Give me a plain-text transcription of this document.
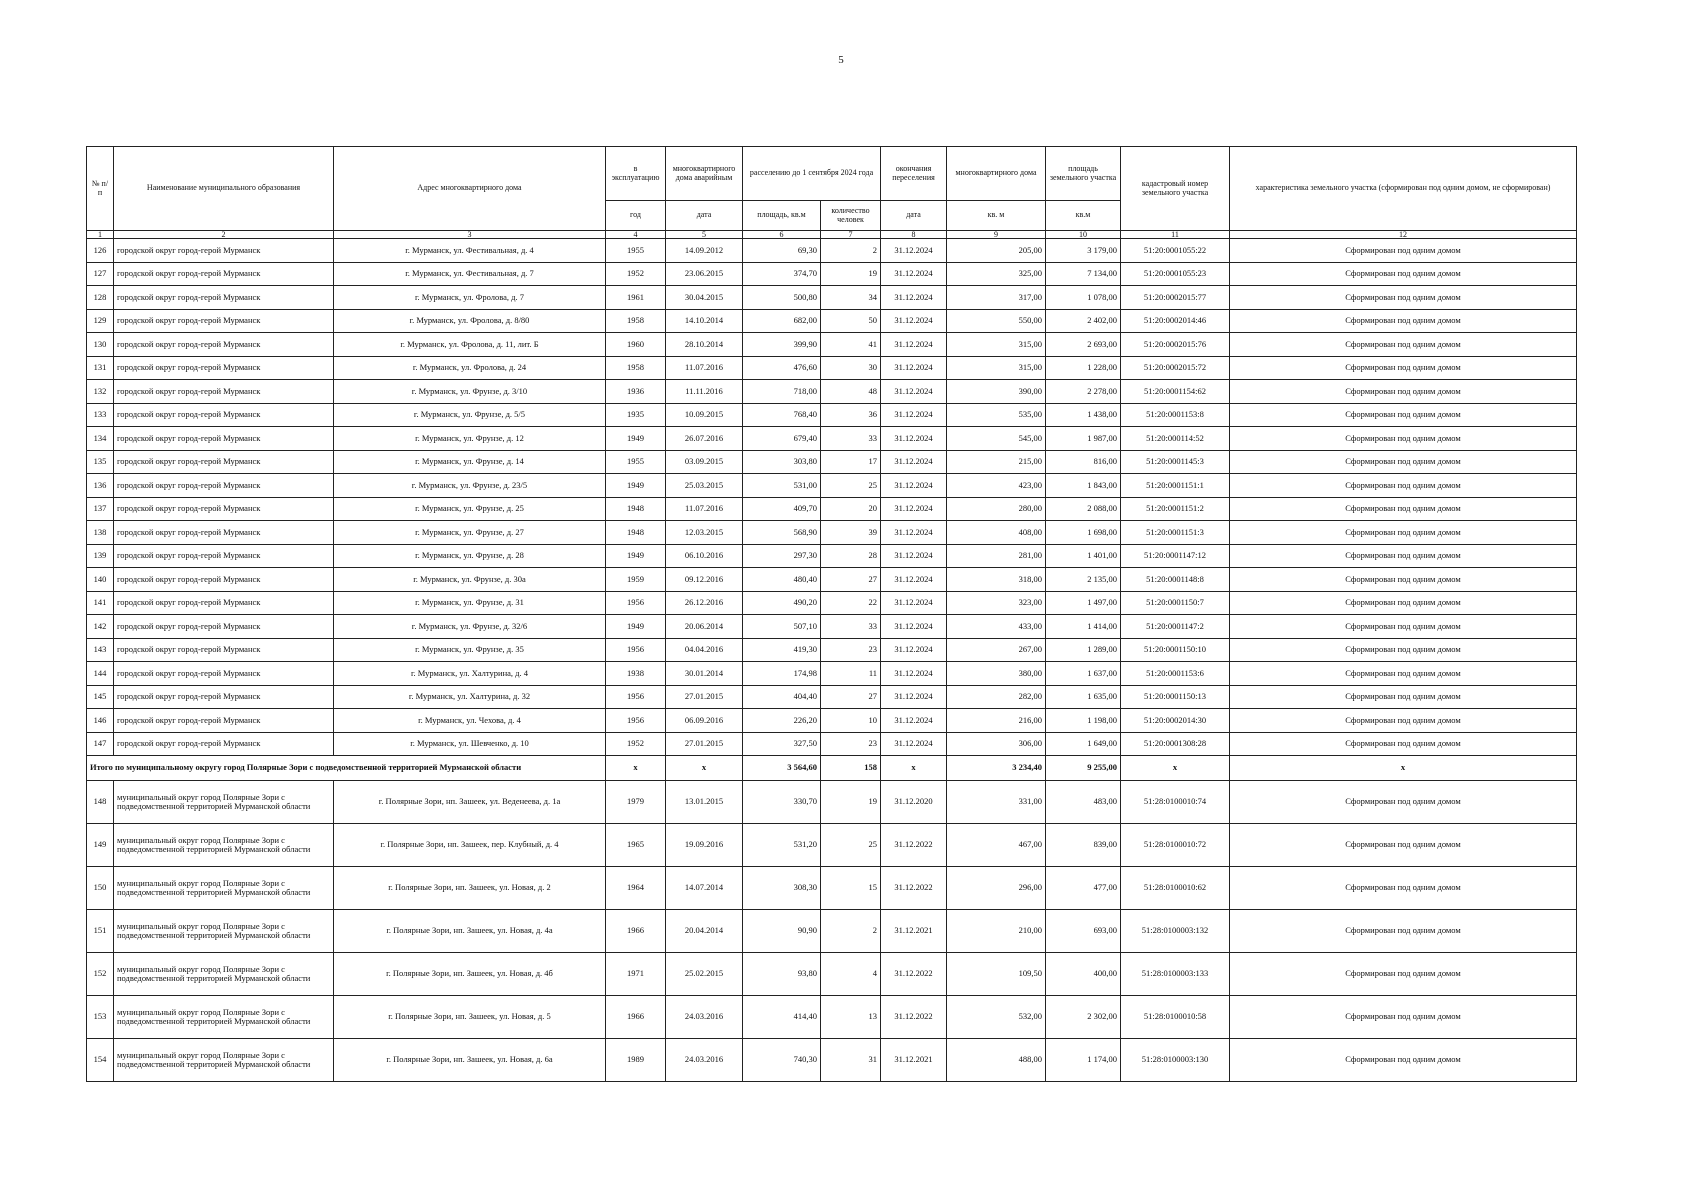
5
№ п/п	Наименование муниципального образования	Адрес многоквартирного дома	в эксплуатацию	многоквартирного дома аварийным	расселению до 1 сентября 2024 года		окончания переселения	многоквартирного дома	площадь земельного участка	кадастровый номер земельного участка	характеристика земельного участка (сформирован под одним домом, не сформирован)
			год	дата	площадь, кв.м	количество человек	дата	кв. м	кв.м		
1	2	3	4	5	6	7	8	9	10	11	12
126	городской округ город-герой Мурманск	г. Мурманск, ул. Фестивальная, д. 4	1955	14.09.2012	69,30	2	31.12.2024	205,00	3 179,00	51:20:0001055:22	Сформирован под одним домом
127	городской округ город-герой Мурманск	г. Мурманск, ул. Фестивальная, д. 7	1952	23.06.2015	374,70	19	31.12.2024	325,00	7 134,00	51:20:0001055:23	Сформирован под одним домом
128	городской округ город-герой Мурманск	г. Мурманск, ул. Фролова, д. 7	1961	30.04.2015	500,80	34	31.12.2024	317,00	1 078,00	51:20:0002015:77	Сформирован под одним домом
129	городской округ город-герой Мурманск	г. Мурманск, ул. Фролова, д. 8/80	1958	14.10.2014	682,00	50	31.12.2024	550,00	2 402,00	51:20:0002014:46	Сформирован под одним домом
130	городской округ город-герой Мурманск	г. Мурманск, ул. Фролова, д. 11, лит. Б	1960	28.10.2014	399,90	41	31.12.2024	315,00	2 693,00	51:20:0002015:76	Сформирован под одним домом
131	городской округ город-герой Мурманск	г. Мурманск, ул. Фролова, д. 24	1958	11.07.2016	476,60	30	31.12.2024	315,00	1 228,00	51:20:0002015:72	Сформирован под одним домом
132	городской округ город-герой Мурманск	г. Мурманск, ул. Фрунзе, д. 3/10	1936	11.11.2016	718,00	48	31.12.2024	390,00	2 278,00	51:20:0001154:62	Сформирован под одним домом
133	городской округ город-герой Мурманск	г. Мурманск, ул. Фрунзе, д. 5/5	1935	10.09.2015	768,40	36	31.12.2024	535,00	1 438,00	51:20:0001153:8	Сформирован под одним домом
134	городской округ город-герой Мурманск	г. Мурманск, ул. Фрунзе, д. 12	1949	26.07.2016	679,40	33	31.12.2024	545,00	1 987,00	51:20:000114:52	Сформирован под одним домом
135	городской округ город-герой Мурманск	г. Мурманск, ул. Фрунзе, д. 14	1955	03.09.2015	303,80	17	31.12.2024	215,00	816,00	51:20:0001145:3	Сформирован под одним домом
136	городской округ город-герой Мурманск	г. Мурманск, ул. Фрунзе, д. 23/5	1949	25.03.2015	531,00	25	31.12.2024	423,00	1 843,00	51:20:0001151:1	Сформирован под одним домом
137	городской округ город-герой Мурманск	г. Мурманск, ул. Фрунзе, д. 25	1948	11.07.2016	409,70	20	31.12.2024	280,00	2 088,00	51:20:0001151:2	Сформирован под одним домом
138	городской округ город-герой Мурманск	г. Мурманск, ул. Фрунзе, д. 27	1948	12.03.2015	568,90	39	31.12.2024	408,00	1 698,00	51:20:0001151:3	Сформирован под одним домом
139	городской округ город-герой Мурманск	г. Мурманск, ул. Фрунзе, д. 28	1949	06.10.2016	297,30	28	31.12.2024	281,00	1 401,00	51:20:0001147:12	Сформирован под одним домом
140	городской округ город-герой Мурманск	г. Мурманск, ул. Фрунзе, д. 30а	1959	09.12.2016	480,40	27	31.12.2024	318,00	2 135,00	51:20:0001148:8	Сформирован под одним домом
141	городской округ город-герой Мурманск	г. Мурманск, ул. Фрунзе, д. 31	1956	26.12.2016	490,20	22	31.12.2024	323,00	1 497,00	51:20:0001150:7	Сформирован под одним домом
142	городской округ город-герой Мурманск	г. Мурманск, ул. Фрунзе, д. 32/6	1949	20.06.2014	507,10	33	31.12.2024	433,00	1 414,00	51:20:0001147:2	Сформирован под одним домом
143	городской округ город-герой Мурманск	г. Мурманск, ул. Фрунзе, д. 35	1956	04.04.2016	419,30	23	31.12.2024	267,00	1 289,00	51:20:0001150:10	Сформирован под одним домом
144	городской округ город-герой Мурманск	г. Мурманск, ул. Халтурина, д. 4	1938	30.01.2014	174,98	11	31.12.2024	380,00	1 637,00	51:20:0001153:6	Сформирован под одним домом
145	городской округ город-герой Мурманск	г. Мурманск, ул. Халтурина, д. 32	1956	27.01.2015	404,40	27	31.12.2024	282,00	1 635,00	51:20:0001150:13	Сформирован под одним домом
146	городской округ город-герой Мурманск	г. Мурманск, ул. Чехова, д. 4	1956	06.09.2016	226,20	10	31.12.2024	216,00	1 198,00	51:20:0002014:30	Сформирован под одним домом
147	городской округ город-герой Мурманск	г. Мурманск, ул. Шевченко, д. 10	1952	27.01.2015	327,50	23	31.12.2024	306,00	1 649,00	51:20:0001308:28	Сформирован под одним домом
Итого по муниципальному округу город Полярные Зори с подведомственной территорией Мурманской области			x	x	3 564,60	158	x	3 234,40	9 255,00	x	x
148	муниципальный округ город Полярные Зори с подведомственной территорией Мурманской области	г. Полярные Зори, нп. Зашеек, ул. Веденеева, д. 1а	1979	13.01.2015	330,70	19	31.12.2020	331,00	483,00	51:28:0100010:74	Сформирован под одним домом
149	муниципальный округ город Полярные Зори с подведомственной территорией Мурманской области	г. Полярные Зори, нп. Зашеек, пер. Клубный, д. 4	1965	19.09.2016	531,20	25	31.12.2022	467,00	839,00	51:28:0100010:72	Сформирован под одним домом
150	муниципальный округ город Полярные Зори с подведомственной территорией Мурманской области	г. Полярные Зори, нп. Зашеек, ул. Новая, д. 2	1964	14.07.2014	308,30	15	31.12.2022	296,00	477,00	51:28:0100010:62	Сформирован под одним домом
151	муниципальный округ город Полярные Зори с подведомственной территорией Мурманской области	г. Полярные Зори, нп. Зашеек, ул. Новая, д. 4а	1966	20.04.2014	90,90	2	31.12.2021	210,00	693,00	51:28:0100003:132	Сформирован под одним домом
152	муниципальный округ город Полярные Зори с подведомственной территорией Мурманской области	г. Полярные Зори, нп. Зашеек, ул. Новая, д. 4б	1971	25.02.2015	93,80	4	31.12.2022	109,50	400,00	51:28:0100003:133	Сформирован под одним домом
153	муниципальный округ город Полярные Зори с подведомственной территорией Мурманской области	г. Полярные Зори, нп. Зашеек, ул. Новая, д. 5	1966	24.03.2016	414,40	13	31.12.2022	532,00	2 302,00	51:28:0100010:58	Сформирован под одним домом
154	муниципальный округ город Полярные Зори с подведомственной территорией Мурманской области	г. Полярные Зори, нп. Зашеек, ул. Новая, д. 6а	1989	24.03.2016	740,30	31	31.12.2021	488,00	1 174,00	51:28:0100003:130	Сформирован под одним домом
